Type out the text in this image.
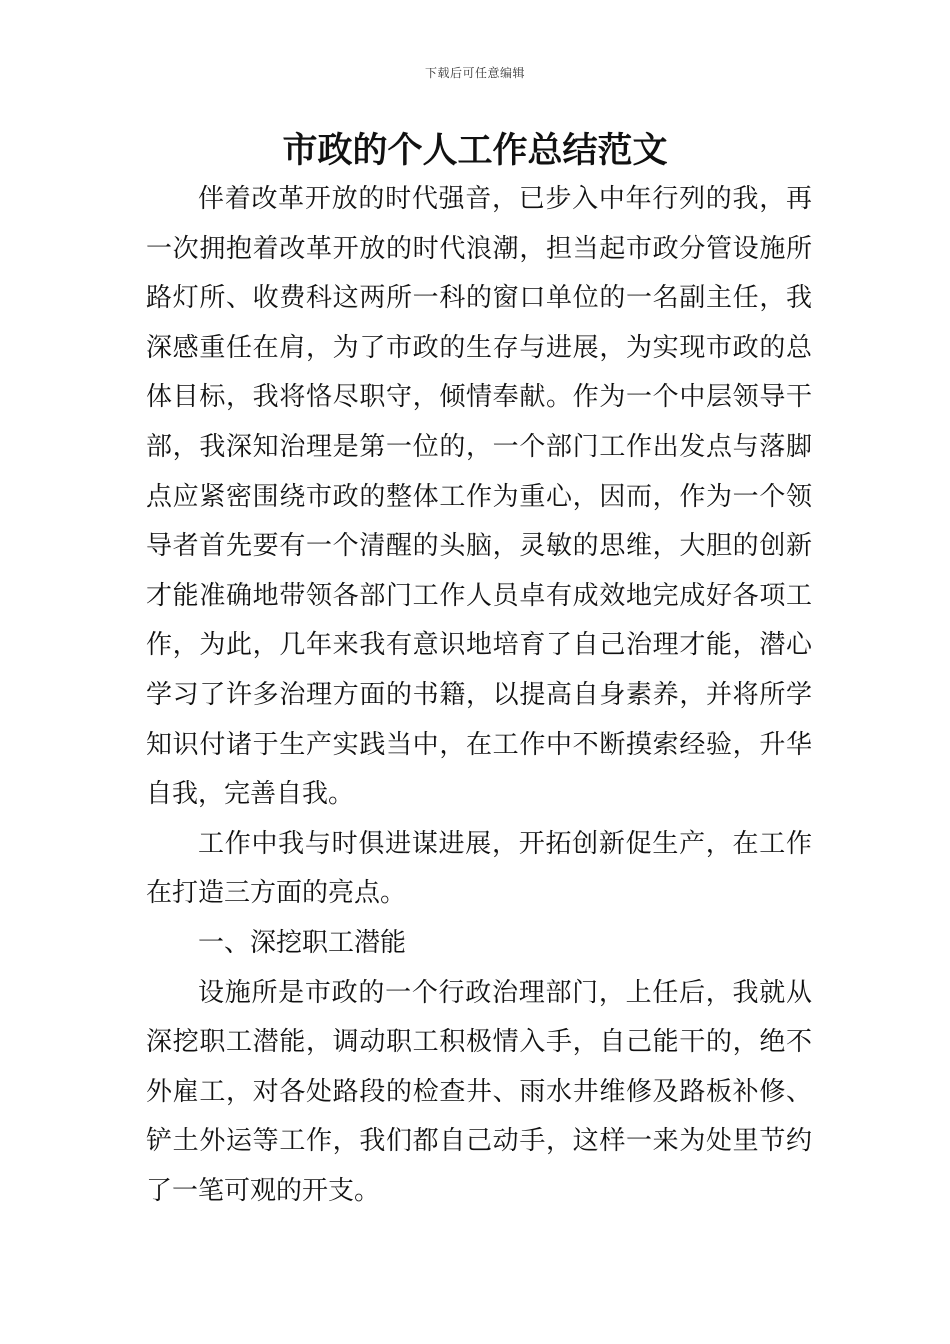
下载后可任意编辑
市政的个人工作总结范文

伴着改革开放的时代强音，已步入中年行列的我，再一次拥抱着改革开放的时代浪潮，担当起市政分管设施所路灯所、收费科这两所一科的窗口单位的一名副主任，我深感重任在肩，为了市政的生存与进展，为实现市政的总体目标，我将恪尽职守，倾情奉献。作为一个中层领导干部，我深知治理是第一位的，一个部门工作出发点与落脚点应紧密围绕市政的整体工作为重心，因而，作为一个领导者首先要有一个清醒的头脑，灵敏的思维，大胆的创新才能准确地带领各部门工作人员卓有成效地完成好各项工作，为此，几年来我有意识地培育了自己治理才能，潜心学习了许多治理方面的书籍，以提高自身素养，并将所学知识付诸于生产实践当中，在工作中不断摸索经验，升华自我，完善自我。

工作中我与时俱进谋进展，开拓创新促生产，在工作在打造三方面的亮点。

一、深挖职工潜能

设施所是市政的一个行政治理部门，上任后，我就从深挖职工潜能，调动职工积极情入手，自己能干的，绝不外雇工，对各处路段的检查井、雨水井维修及路板补修、铲土外运等工作，我们都自己动手，这样一来为处里节约了一笔可观的开支。
